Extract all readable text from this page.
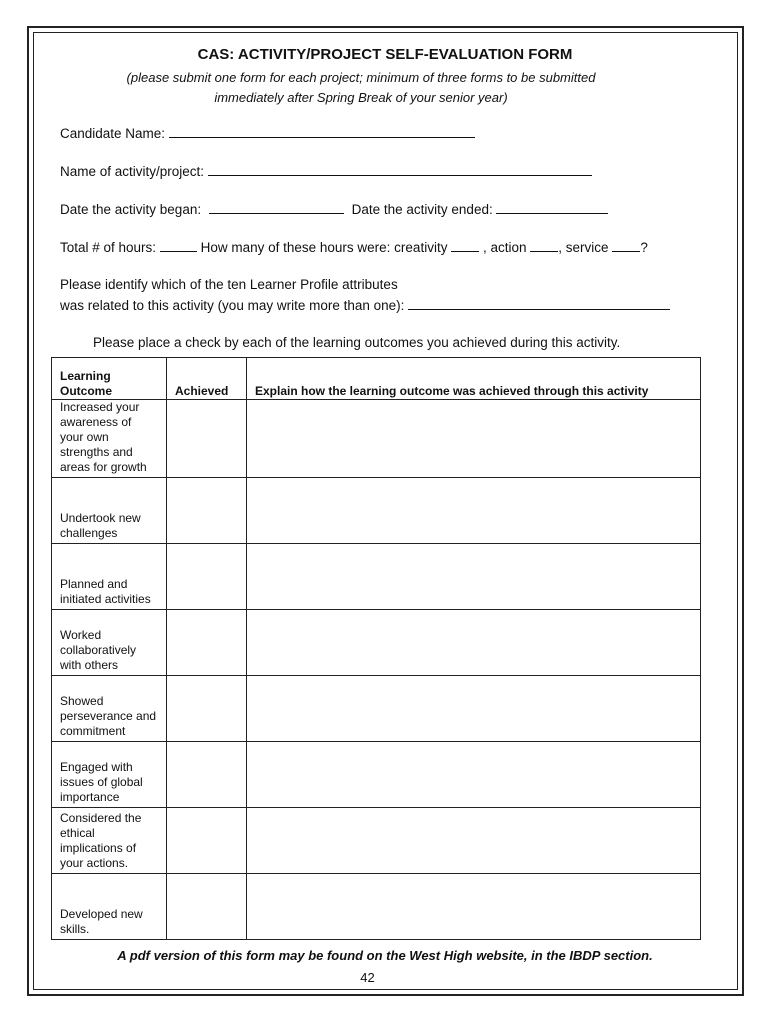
CAS: ACTIVITY/PROJECT SELF-EVALUATION FORM
(please submit one form for each project; minimum of three forms to be submitted
immediately after Spring Break of your senior year)
Candidate Name:
Name of activity/project:
Date the activity began:	Date the activity ended:
Total # of hours:	How many of these hours were: creativity	, action , service ?
Please identify which of the ten Learner Profile attributes
was related to this activity (you may write more than one):
Please place a check by each of the learning outcomes you achieved during this activity.
Learning
Outcome	Achieved	Explain how the learning outcome was achieved through this activity

Increased your
awareness of
your own
strengths and
areas for growth		

Undertook new
challenges		

Planned and
initiated activities		

Worked
collaboratively
with others		

Showed
perseverance and
commitment		

Engaged with
issues of global
importance		

Considered the
ethical
implications of
your actions.		

Developed new
skills.		

A pdf version of this form may be found on the West High website, in the IBDP section.
42
